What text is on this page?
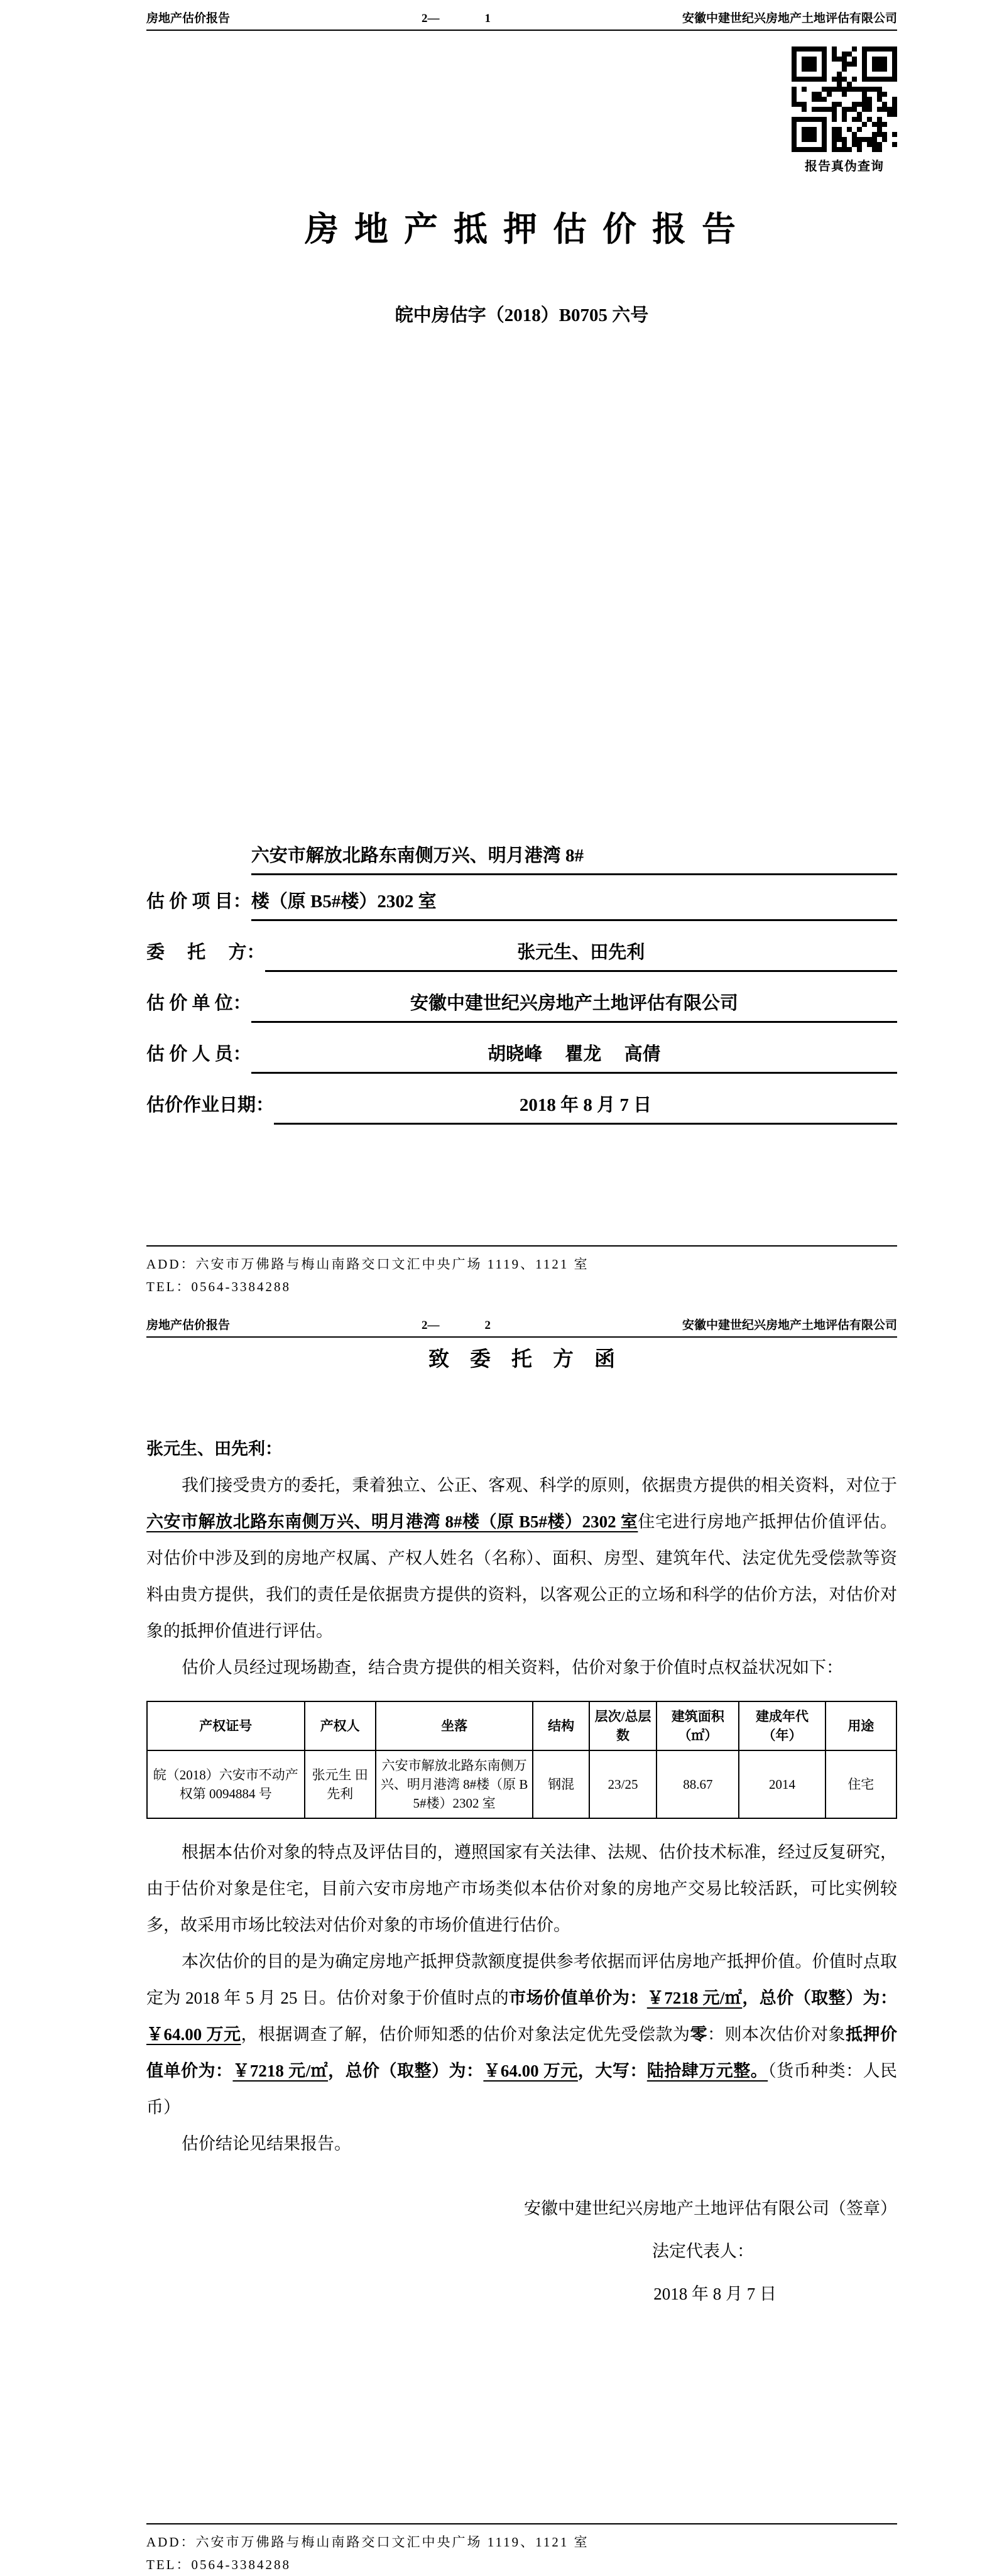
房地产估价报告	2—	1	安徽中建世纪兴房地产土地评估有限公司
报告真伪查询
房 地 产 抵 押 估 价 报 告
皖中房估字（2018）B0705 六号
估 价 项 目：
六安市解放北路东南侧万兴、明月港湾 8#
楼（原 B5#楼）2302 室
委　 托　 方：	张元生、田先利
估 价 单 位：	安徽中建世纪兴房地产土地评估有限公司
估 价 人 员：	胡晓峰　 瞿龙　 高倩
估价作业日期：	2018 年 8 月 7 日
ADD：六安市万佛路与梅山南路交口文汇中央广场 1119、1121 室
TEL：0564-3384288
房地产估价报告	2—	2	安徽中建世纪兴房地产土地评估有限公司
致　委　托　方　函
张元生、田先利：

我们接受贵方的委托，秉着独立、公正、客观、科学的原则，依据贵方提供的相关资料，对位于六安市解放北路东南侧万兴、明月港湾 8#楼（原 B5#楼）2302 室住宅进行房地产抵押估价值评估。对估价中涉及到的房地产权属、产权人姓名（名称）、面积、房型、建筑年代、法定优先受偿款等资料由贵方提供，我们的责任是依据贵方提供的资料，以客观公正的立场和科学的估价方法，对估价对象的抵押价值进行评估。

估价人员经过现场勘查，结合贵方提供的相关资料，估价对象于价值时点权益状况如下：

产权证号	产权人	坐落	结构	层次/总层数	建筑面积（㎡）	建成年代（年）	用途
皖（2018）六安市不动产权第 0094884 号	张元生 田先利	六安市解放北路东南侧万兴、明月港湾 8#楼（原 B5#楼）2302 室	钢混	23/25	88.67	2014	住宅

根据本估价对象的特点及评估目的，遵照国家有关法律、法规、估价技术标准，经过反复研究，由于估价对象是住宅，目前六安市房地产市场类似本估价对象的房地产交易比较活跃，可比实例较多，故采用市场比较法对估价对象的市场价值进行估价。

本次估价的目的是为确定房地产抵押贷款额度提供参考依据而评估房地产抵押价值。价值时点取定为 2018 年 5 月 25 日。估价对象于价值时点的市场价值单价为：￥7218 元/㎡，总价（取整）为：￥64.00 万元，根据调查了解，估价师知悉的估价对象法定优先受偿款为零：则本次估价对象抵押价值单价为：￥7218 元/㎡，总价（取整）为：￥64.00 万元，大写：陆拾肆万元整。（货币种类：人民币）

估价结论见结果报告。

安徽中建世纪兴房地产土地评估有限公司（签章）
法定代表人：
2018 年 8 月 7 日
ADD：六安市万佛路与梅山南路交口文汇中央广场 1119、1121 室
TEL：0564-3384288
